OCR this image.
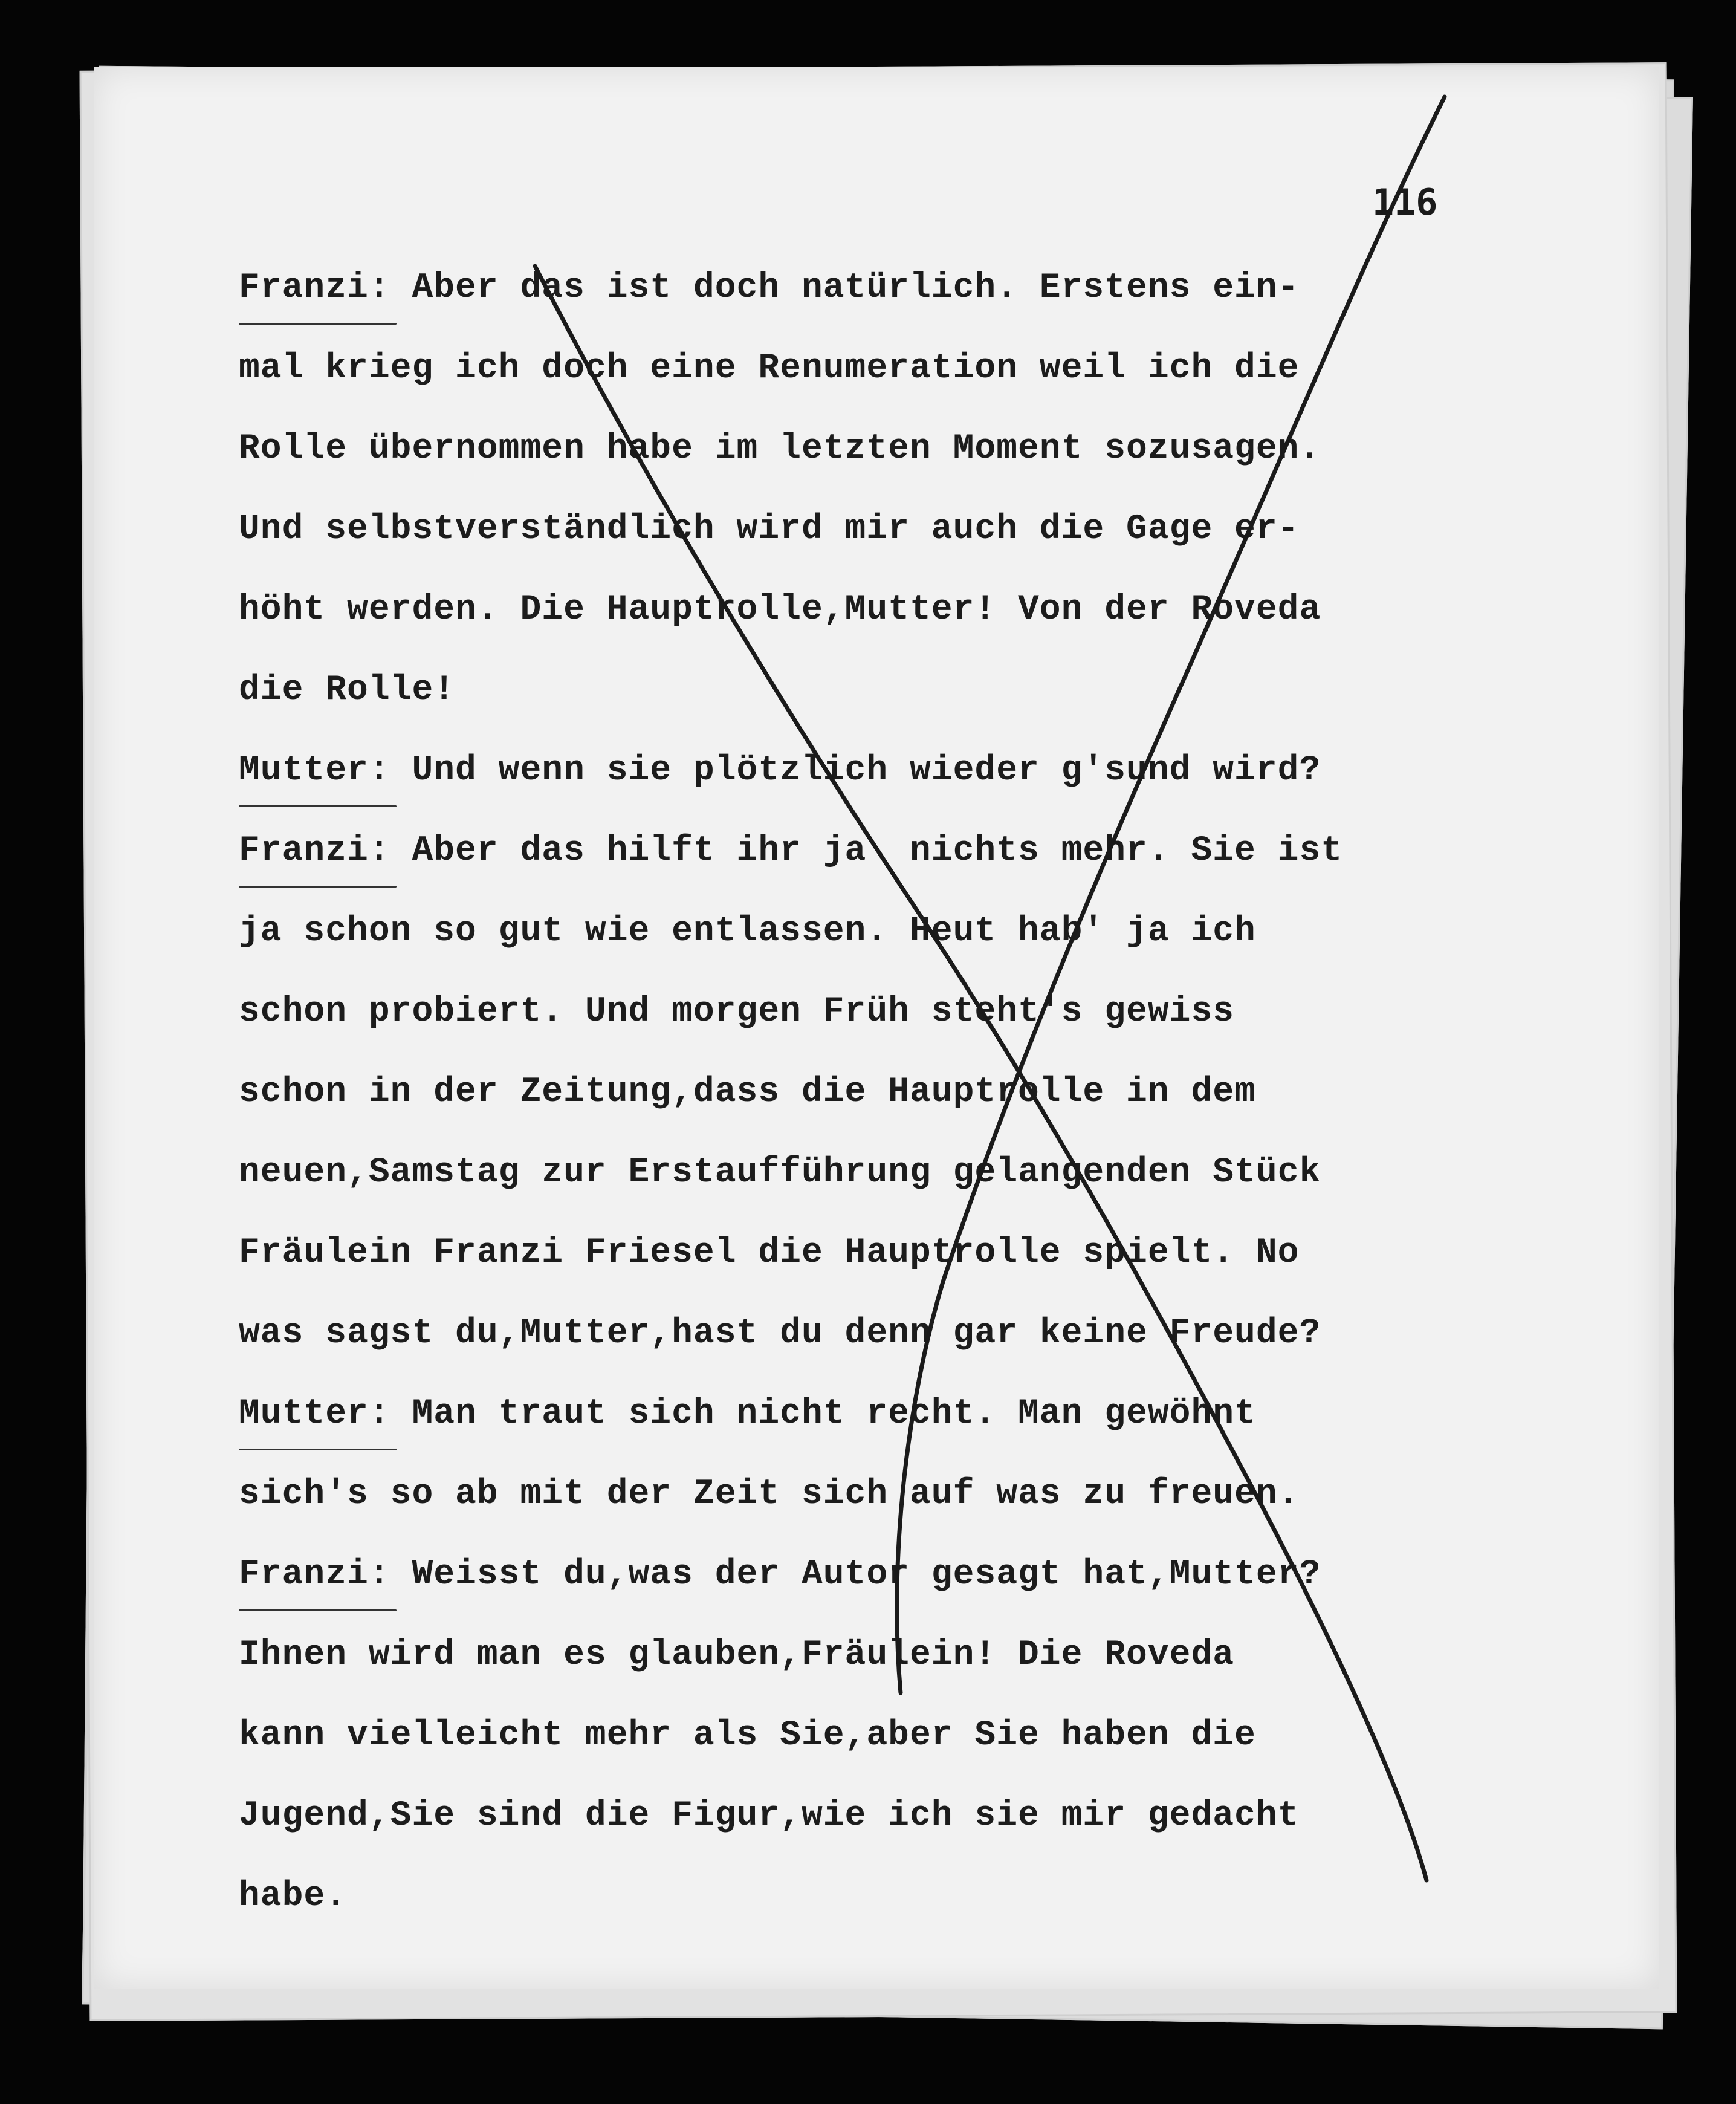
116
Franzi: Aber das ist doch natürlich. Erstens ein-
mal krieg ich doch eine Renumeration weil ich die
Rolle übernommen habe im letzten Moment sozusagen.
Und selbstverständlich wird mir auch die Gage er-
höht werden. Die Hauptrolle,Mutter! Von der Roveda
die Rolle!
Mutter: Und wenn sie plötzlich wieder g'sund wird?
Franzi: Aber das hilft ihr ja  nichts mehr. Sie ist
ja schon so gut wie entlassen. Heut hab' ja ich
schon probiert. Und morgen Früh steht's gewiss
schon in der Zeitung,dass die Hauptrolle in dem
neuen,Samstag zur Erstaufführung gelangenden Stück
Fräulein Franzi Friesel die Hauptrolle spielt. No
was sagst du,Mutter,hast du denn gar keine Freude?
Mutter: Man traut sich nicht recht. Man gewöhnt
sich's so ab mit der Zeit sich auf was zu freuen.
Franzi: Weisst du,was der Autor gesagt hat,Mutter?
Ihnen wird man es glauben,Fräulein! Die Roveda
kann vielleicht mehr als Sie,aber Sie haben die
Jugend,Sie sind die Figur,wie ich sie mir gedacht
habe.
